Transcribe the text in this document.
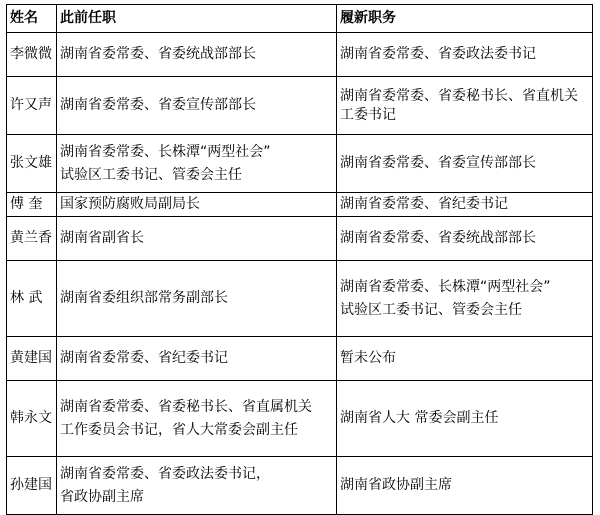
姓名	此前任职	履新职务
李微微	湖南省委常委、省委统战部部长	湖南省委常委、省委政法委书记

许又声	湖南省委常委、省委宣传部部长	湖南省委常委、省委秘书长、省直机关工委书记

张文雄	湖南省委常委、长株潭“两型社会”
试验区工委书记、管委会主任	湖南省委常委、省委宣传部部长

傅 奎	国家预防腐败局副局长	湖南省委常委、省纪委书记

黄兰香	湖南省副省长	湖南省委常委、省委统战部部长

林 武	湖南省委组织部常务副部长	湖南省委常委、长株潭“两型社会”
试验区工委书记、管委会主任

黄建国	湖南省委常委、省纪委书记	暂未公布

韩永文	湖南省委常委、省委秘书长、省直属机关
工作委员会书记，省人大常委会副主任	湖南省人大 常委会副主任

孙建国	湖南省委常委、省委政法委书记，
省政协副主席	湖南省政协副主席
